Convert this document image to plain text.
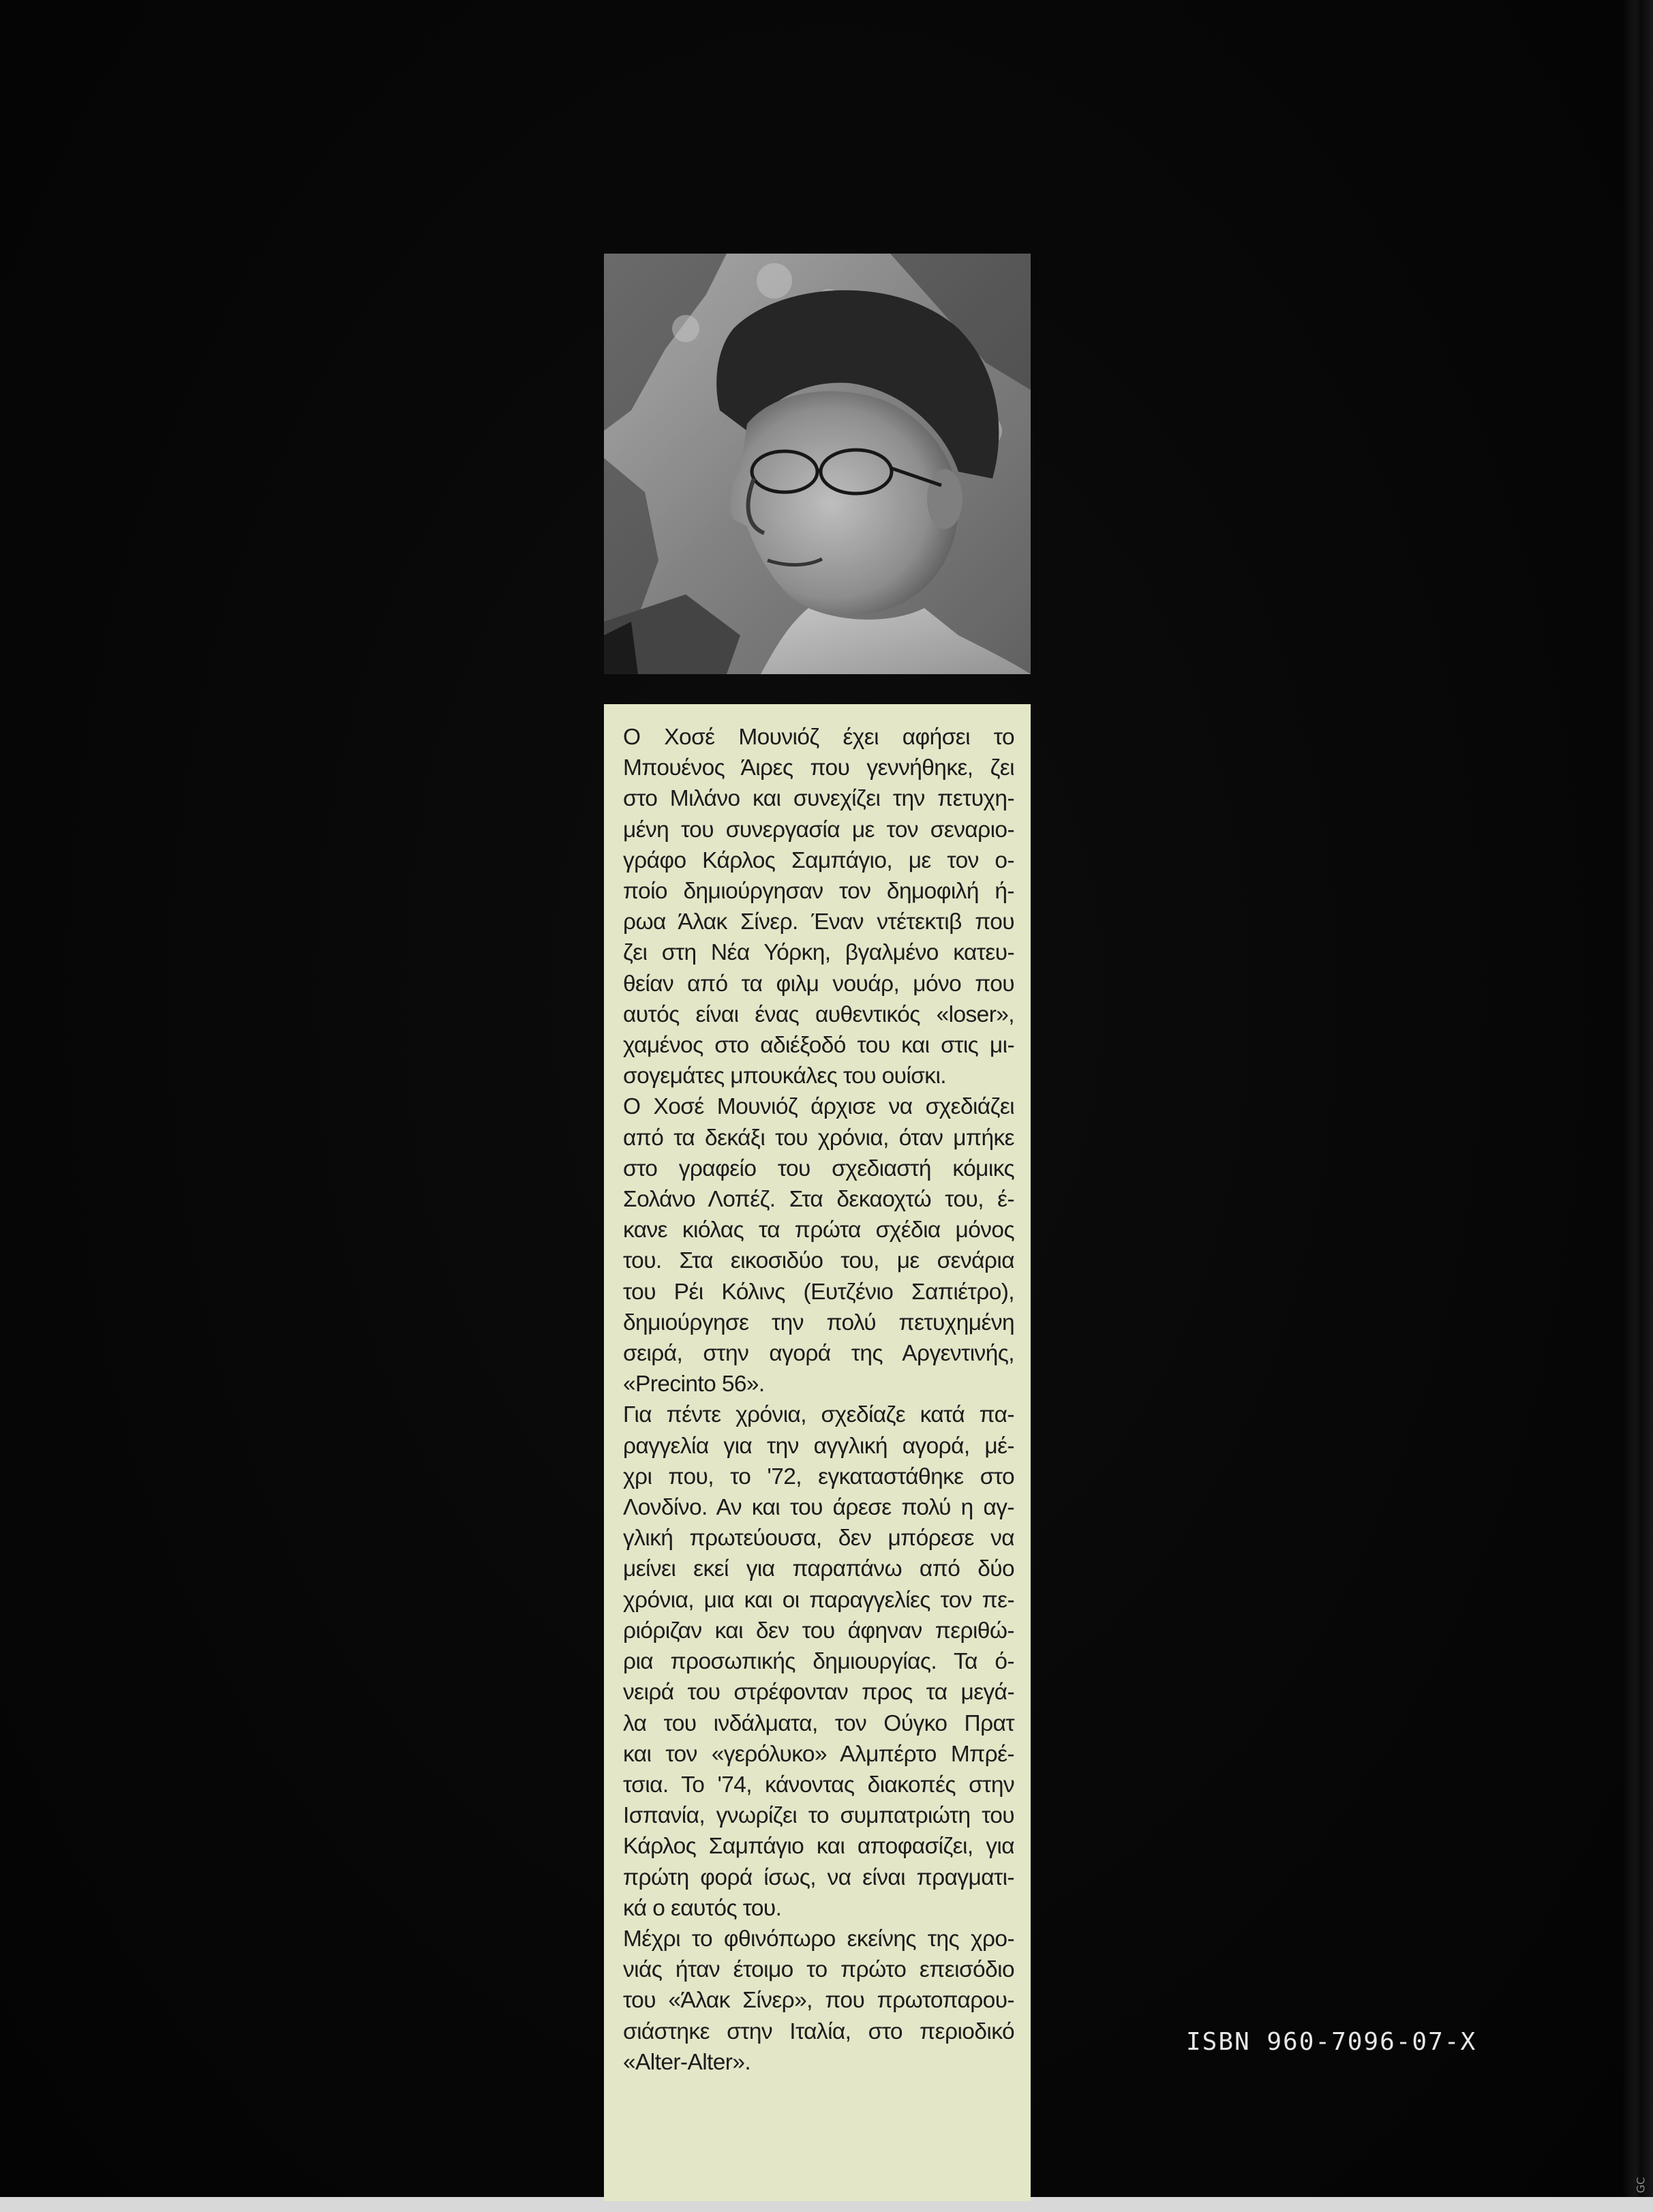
Ο Χοσέ Μουνιόζ έχει αφήσει το
Μπουένος Άιρες που γεννήθηκε, ζει
στο Μιλάνο και συνεχίζει την πετυχη-
μένη του συνεργασία με τον σεναριο-
γράφο Κάρλος Σαμπάγιο, με τον ο-
ποίο δημιούργησαν τον δημοφιλή ή-
ρωα Άλακ Σίνερ. Έναν ντέτεκτιβ που
ζει στη Νέα Υόρκη, βγαλμένο κατευ-
θείαν από τα φιλμ νουάρ, μόνο που
αυτός είναι ένας αυθεντικός «loser»,
χαμένος στο αδιέξοδό του και στις μι-
σογεμάτες μπουκάλες του ουίσκι.
Ο Χοσέ Μουνιόζ άρχισε να σχεδιάζει
από τα δεκάξι του χρόνια, όταν μπήκε
στο γραφείο του σχεδιαστή κόμικς
Σολάνο Λοπέζ. Στα δεκαοχτώ του, έ-
κανε κιόλας τα πρώτα σχέδια μόνος
του. Στα εικοσιδύο του, με σενάρια
του Ρέι Κόλινς (Ευτζένιο Σαπιέτρο),
δημιούργησε την πολύ πετυχημένη
σειρά, στην αγορά της Αργεντινής,
«Precinto 56».
Για πέντε χρόνια, σχεδίαζε κατά πα-
ραγγελία για την αγγλική αγορά, μέ-
χρι που, το '72, εγκαταστάθηκε στο
Λονδίνο. Αν και του άρεσε πολύ η αγ-
γλική πρωτεύουσα, δεν μπόρεσε να
μείνει εκεί για παραπάνω από δύο
χρόνια, μια και οι παραγγελίες τον πε-
ριόριζαν και δεν του άφηναν περιθώ-
ρια προσωπικής δημιουργίας. Τα ό-
νειρά του στρέφονταν προς τα μεγά-
λα του ινδάλματα, τον Ούγκο Πρατ
και τον «γερόλυκο» Αλμπέρτο Μπρέ-
τσια. Το '74, κάνοντας διακοπές στην
Ισπανία, γνωρίζει το συμπατριώτη του
Κάρλος Σαμπάγιο και αποφασίζει, για
πρώτη φορά ίσως, να είναι πραγματι-
κά ο εαυτός του.
Μέχρι το φθινόπωρο εκείνης της χρο-
νιάς ήταν έτοιμο το πρώτο επεισόδιο
του «Άλακ Σίνερ», που πρωτοπαρου-
σιάστηκε στην Ιταλία, στο περιοδικό
«Alter-Alter».
ISBN 960-7096-07-X
GC
